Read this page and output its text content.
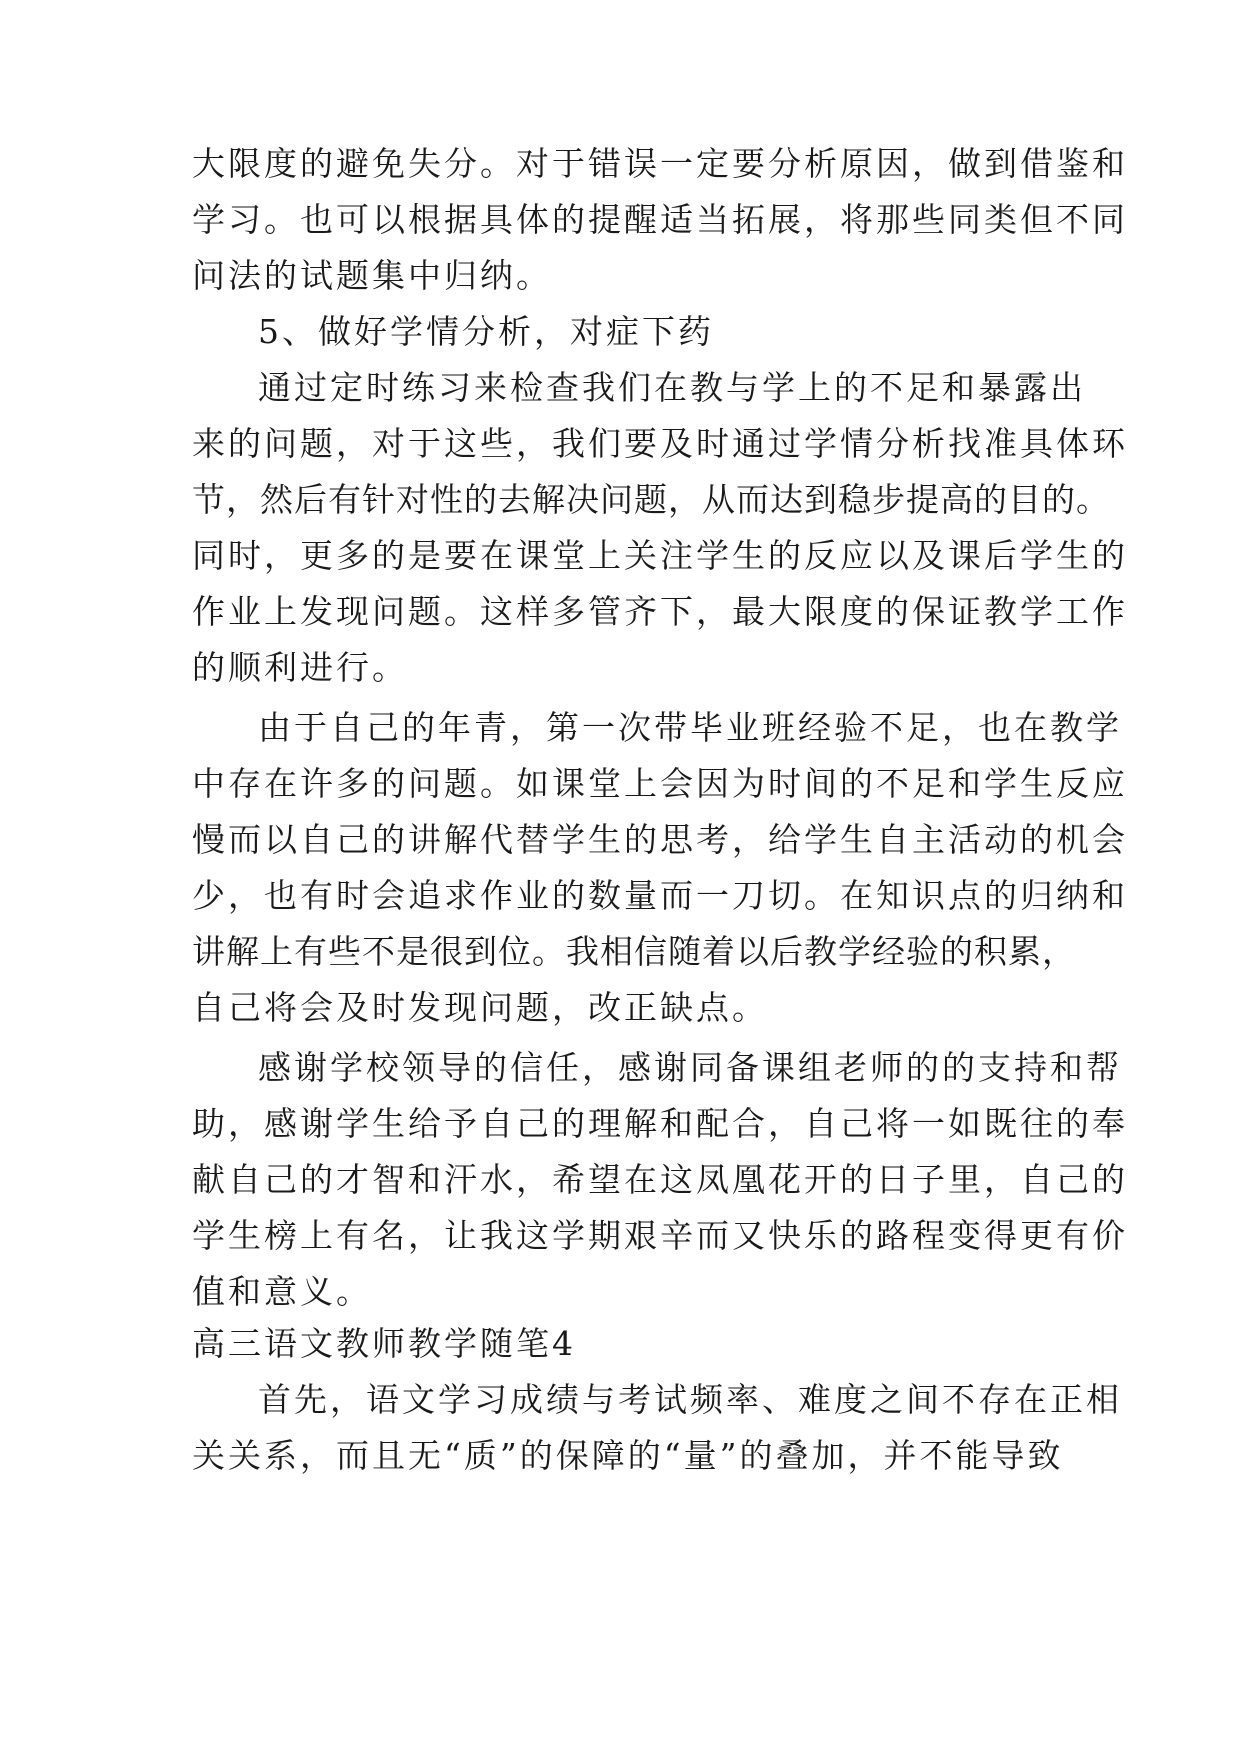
大限度的避免失分。对于错误一定要分析原因，做到借鉴和
学习。也可以根据具体的提醒适当拓展，将那些同类但不同
问法的试题集中归纳。
5、做好学情分析，对症下药
通过定时练习来检查我们在教与学上的不足和暴露出
来的问题，对于这些，我们要及时通过学情分析找准具体环
节，然后有针对性的去解决问题，从而达到稳步提高的目的。
同时，更多的是要在课堂上关注学生的反应以及课后学生的
作业上发现问题。这样多管齐下，最大限度的保证教学工作
的顺利进行。
由于自己的年青，第一次带毕业班经验不足，也在教学
中存在许多的问题。如课堂上会因为时间的不足和学生反应
慢而以自己的讲解代替学生的思考，给学生自主活动的机会
少，也有时会追求作业的数量而一刀切。在知识点的归纳和
讲解上有些不是很到位。我相信随着以后教学经验的积累，
自己将会及时发现问题，改正缺点。
感谢学校领导的信任，感谢同备课组老师的的支持和帮
助，感谢学生给予自己的理解和配合，自己将一如既往的奉
献自己的才智和汗水，希望在这凤凰花开的日子里，自己的
学生榜上有名，让我这学期艰辛而又快乐的路程变得更有价
值和意义。
高三语文教师教学随笔4
首先，语文学习成绩与考试频率、难度之间不存在正相
关关系，而且无“质”的保障的“量”的叠加，并不能导致
